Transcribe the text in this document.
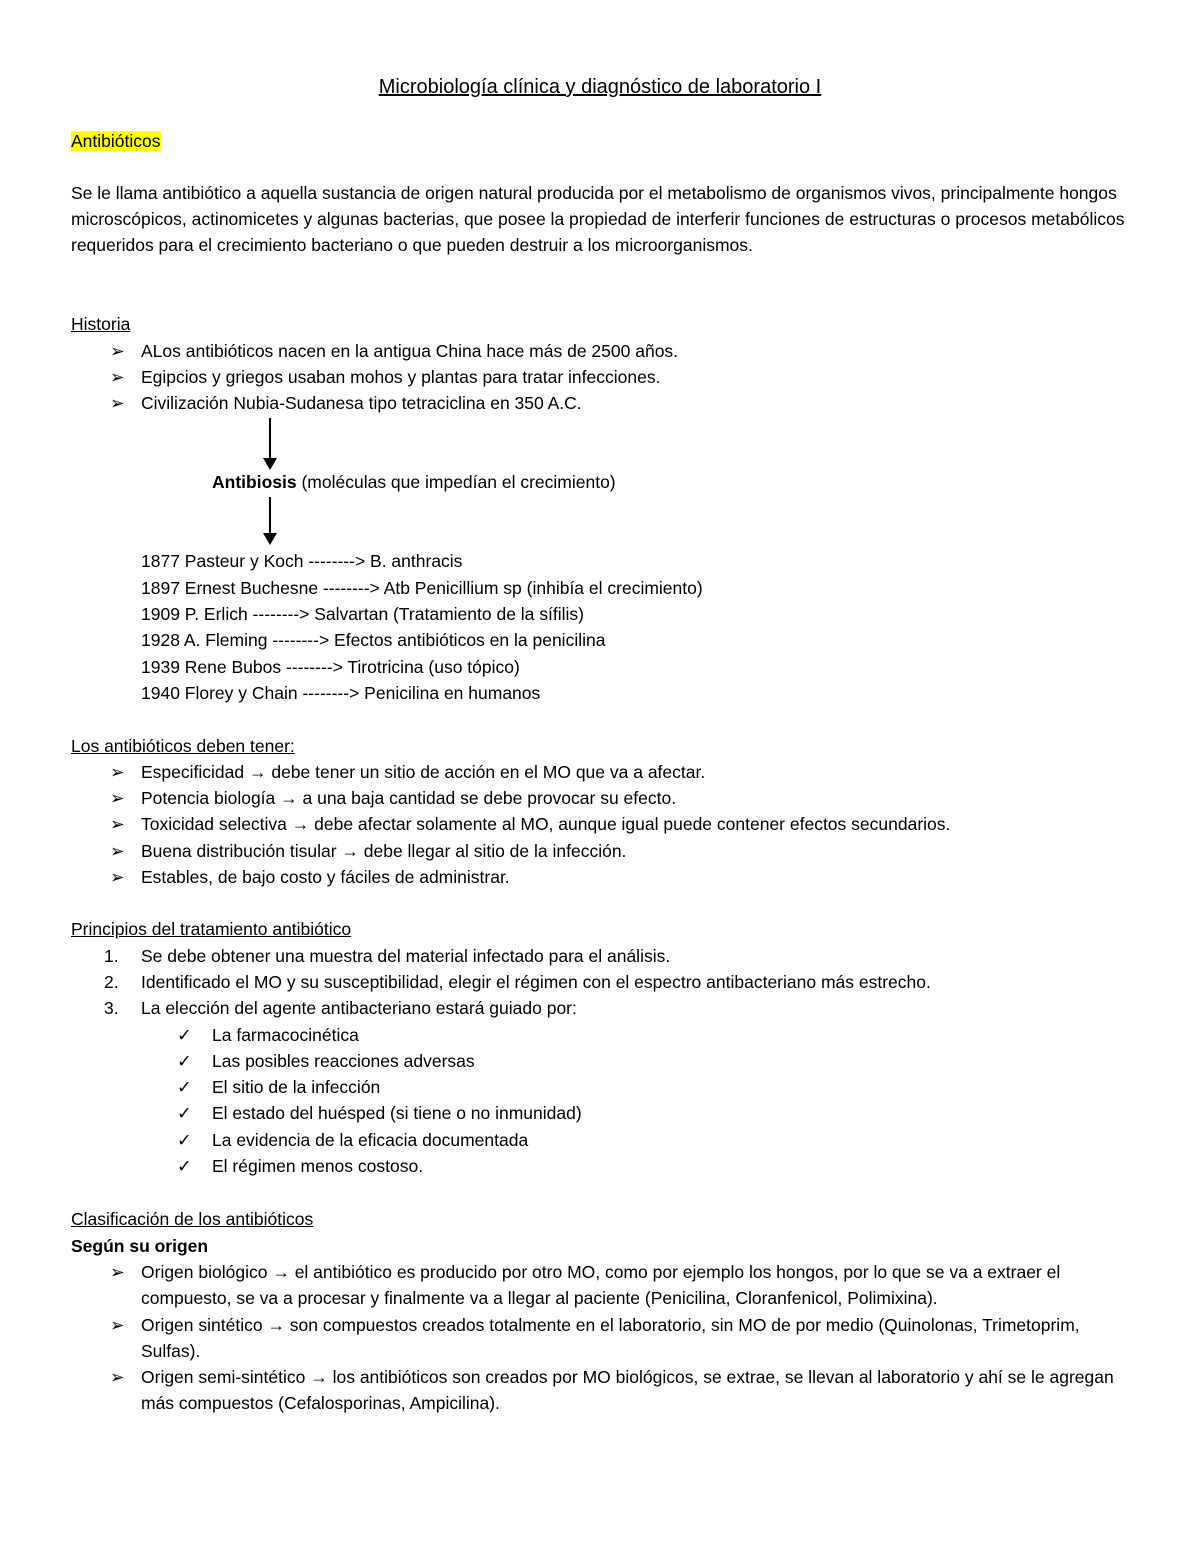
Microbiología clínica y diagnóstico de laboratorio I
Antibióticos
Se le llama antibiótico a aquella sustancia de origen natural producida por el metabolismo de organismos vivos, principalmente hongos microscópicos, actinomicetes y algunas bacterias, que posee la propiedad de interferir funciones de estructuras o procesos metabólicos requeridos para el crecimiento bacteriano o que pueden destruir a los microorganismos.
Historia
➢ ALos antibióticos nacen en la antigua China hace más de 2500 años.
➢ Egipcios y griegos usaban mohos y plantas para tratar infecciones.
➢ Civilización Nubia-Sudanesa tipo tetraciclina en 350 A.C.
Antibiosis (moléculas que impedían el crecimiento)
1877 Pasteur y Koch --------> B. anthracis
1897 Ernest Buchesne --------> Atb Penicillium sp (inhibía el crecimiento)
1909 P. Erlich --------> Salvartan (Tratamiento de la sífilis)
1928 A. Fleming --------> Efectos antibióticos en la penicilina
1939 Rene Bubos --------> Tirotricina (uso tópico)
1940 Florey y Chain --------> Penicilina en humanos
Los antibióticos deben tener:
➢ Especificidad → debe tener un sitio de acción en el MO que va a afectar.
➢ Potencia biología → a una baja cantidad se debe provocar su efecto.
➢ Toxicidad selectiva → debe afectar solamente al MO, aunque igual puede contener efectos secundarios.
➢ Buena distribución tisular → debe llegar al sitio de la infección.
➢ Estables, de bajo costo y fáciles de administrar.
Principios del tratamiento antibiótico
1.	Se debe obtener una muestra del material infectado para el análisis.
2.	Identificado el MO y su susceptibilidad, elegir el régimen con el espectro antibacteriano más estrecho.
3.	La elección del agente antibacteriano estará guiado por:
✓	La farmacocinética
✓	Las posibles reacciones adversas
✓	El sitio de la infección
✓	El estado del huésped (si tiene o no inmunidad)
✓	La evidencia de la eficacia documentada
✓	El régimen menos costoso.
Clasificación de los antibióticos
Según su origen
➢ Origen biológico → el antibiótico es producido por otro MO, como por ejemplo los hongos, por lo que se va a extraer el compuesto, se va a procesar y finalmente va a llegar al paciente (Penicilina, Cloranfenicol, Polimixina).
➢ Origen sintético → son compuestos creados totalmente en el laboratorio, sin MO de por medio (Quinolonas, Trimetoprim, Sulfas).
➢ Origen semi-sintético → los antibióticos son creados por MO biológicos, se extrae, se llevan al laboratorio y ahí se le agregan más compuestos (Cefalosporinas, Ampicilina).
